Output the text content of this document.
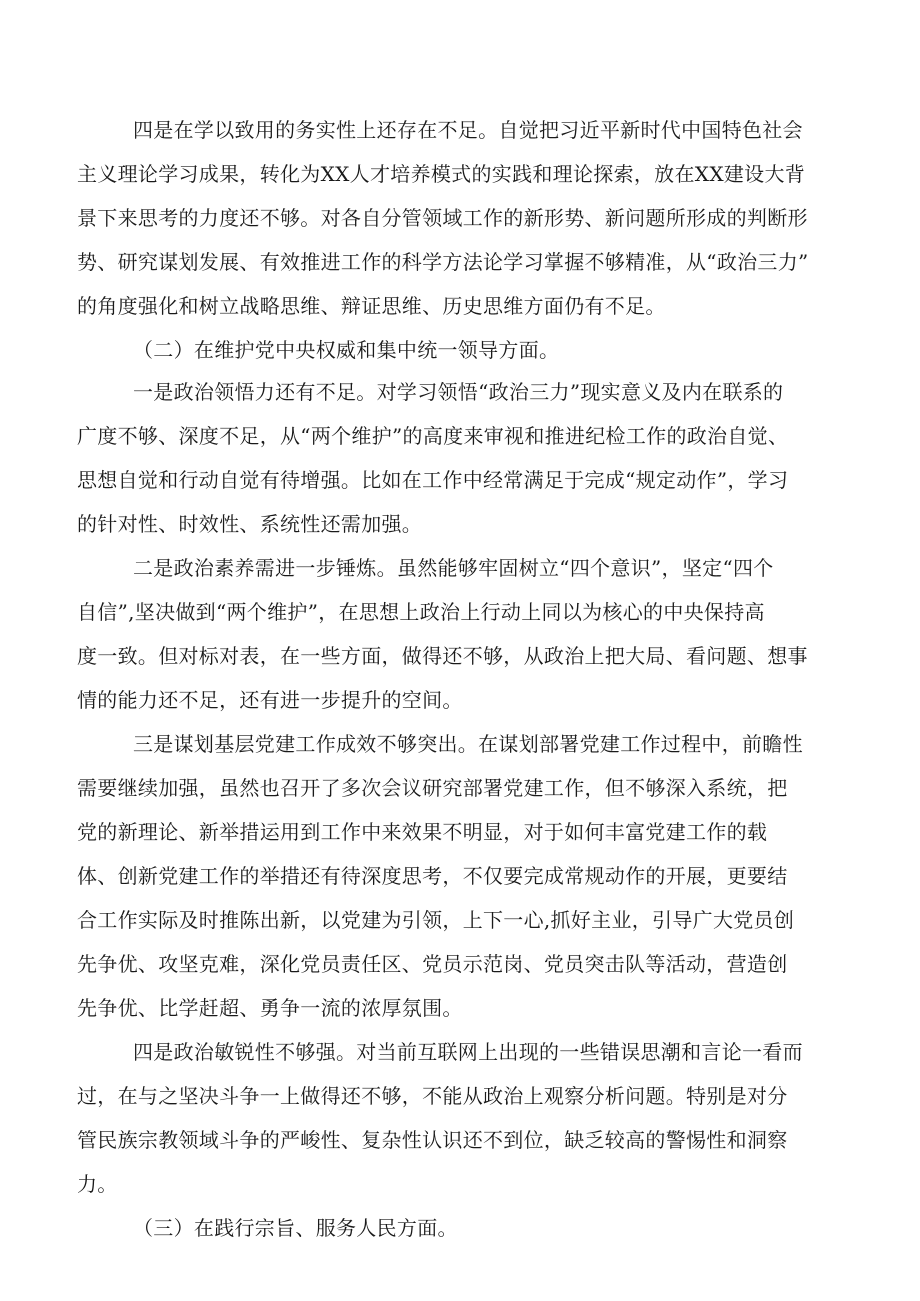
四是在学以致用的务实性上还存在不足。自觉把习近平新时代中国特色社会
主义理论学习成果，转化为XX人才培养模式的实践和理论探索，放在XX建设大背
景下来思考的力度还不够。对各自分管领域工作的新形势、新问题所形成的判断形
势、研究谋划发展、有效推进工作的科学方法论学习掌握不够精准，从“政治三力”
的角度强化和树立战略思维、辩证思维、历史思维方面仍有不足。
（二）在维护党中央权威和集中统一领导方面。
一是政治领悟力还有不足。对学习领悟“政治三力”现实意义及内在联系的
广度不够、深度不足，从“两个维护”的高度来审视和推进纪检工作的政治自觉、
思想自觉和行动自觉有待增强。比如在工作中经常满足于完成“规定动作”，学习
的针对性、时效性、系统性还需加强。
二是政治素养需进一步锤炼。虽然能够牢固树立“四个意识”，坚定“四个
自信”,坚决做到“两个维护”，在思想上政治上行动上同以为核心的中央保持高
度一致。但对标对表，在一些方面，做得还不够，从政治上把大局、看问题、想事
情的能力还不足，还有进一步提升的空间。
三是谋划基层党建工作成效不够突出。在谋划部署党建工作过程中，前瞻性
需要继续加强，虽然也召开了多次会议研究部署党建工作，但不够深入系统，把
党的新理论、新举措运用到工作中来效果不明显，对于如何丰富党建工作的载
体、创新党建工作的举措还有待深度思考，不仅要完成常规动作的开展，更要结
合工作实际及时推陈出新，以党建为引领，上下一心,抓好主业，引导广大党员创
先争优、攻坚克难，深化党员责任区、党员示范岗、党员突击队等活动，营造创
先争优、比学赶超、勇争一流的浓厚氛围。
四是政治敏锐性不够强。对当前互联网上出现的一些错误思潮和言论一看而
过，在与之坚决斗争一上做得还不够，不能从政治上观察分析问题。特别是对分
管民族宗教领域斗争的严峻性、复杂性认识还不到位，缺乏较高的警惕性和洞察
力。
（三）在践行宗旨、服务人民方面。
